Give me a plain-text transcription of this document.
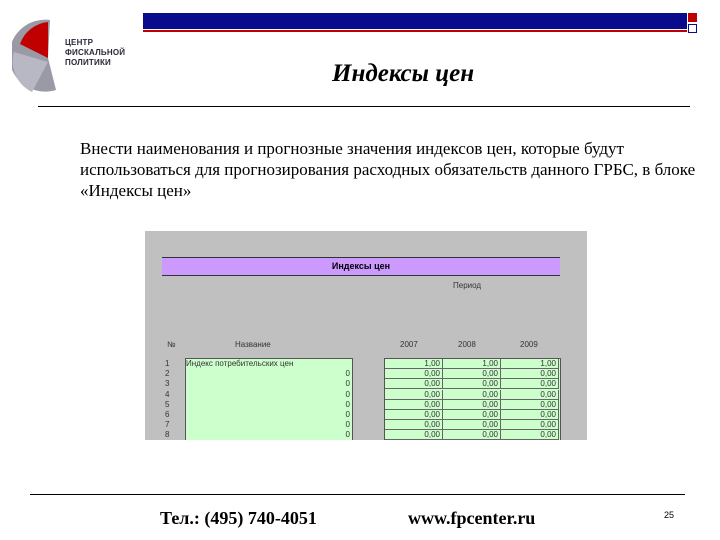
ЦЕНТР
ФИСКАЛЬНОЙ
ПОЛИТИКИ	Индексы цен
Внести наименования и прогнозные значения индексов цен, которые будут использоваться для прогнозирования расходных обязательств данного ГРБС, в блоке «Индексы цен»
Индексы цен
Период
№	Название	2007	2008	2009
1	Индекс потребительских цен	1,00	1,00	1,00
2	0	0,00	0,00	0,00
3	0	0,00	0,00	0,00
4	0	0,00	0,00	0,00
5	0	0,00	0,00	0,00
6	0	0,00	0,00	0,00
7	0	0,00	0,00	0,00
8	0	0,00	0,00	0,00
Тел.: (495) 740-4051	www.fpcenter.ru	25
